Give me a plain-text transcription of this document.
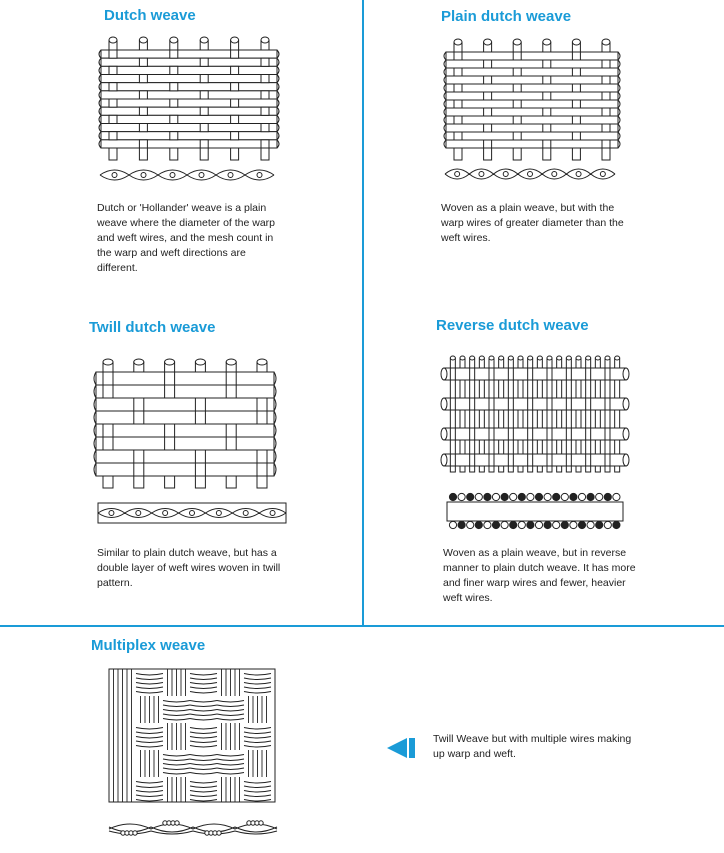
Dutch weave
Dutch or 'Hollander' weave is a plain weave where the diameter of the warp and weft wires, and the mesh count in the warp and weft directions are different.
Plain dutch weave
Woven as a plain weave, but with the warp wires of greater diameter than the weft wires.
Twill dutch weave
Similar to plain dutch weave, but has a double layer of weft wires woven in twill pattern.
Reverse dutch weave
Woven as a plain weave, but in reverse manner to plain dutch weave. It has more and finer warp wires and fewer, heavier weft wires.
Multiplex weave
Twill Weave but with multiple wires making up warp and weft.
